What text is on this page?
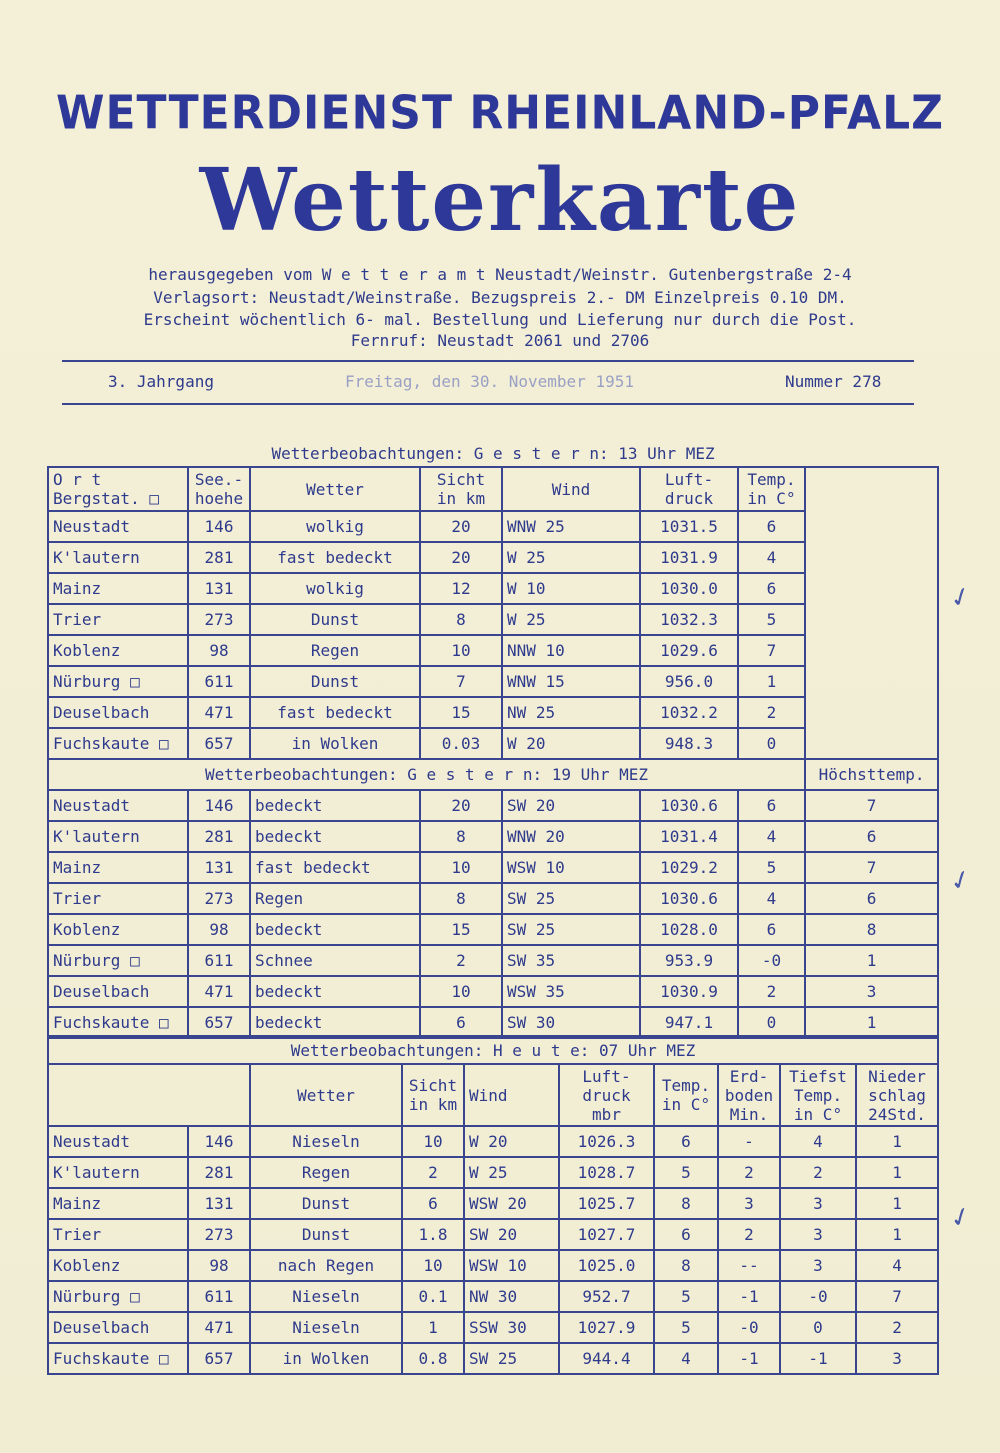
WETTERDIENST RHEINLAND-PFALZ
Wetterkarte
herausgegeben vom W e t t e r a m t Neustadt/Weinstr. Gutenbergstraße 2-4
Verlagsort: Neustadt/Weinstraße. Bezugspreis 2.- DM Einzelpreis 0.10 DM.
Erscheint wöchentlich 6- mal. Bestellung und Lieferung nur durch die Post.
Fernruf: Neustadt 2061 und 2706
3. Jahrgang	Freitag, den 30. November 1951	Nummer 278
Wetterbeobachtungen: G e s t e r n: 13 Uhr MEZ							
O r t Bergstat. □	See.- hoehe	Wetter	Sicht in km	Wind	Luft- druck	Temp. in C°	
Neustadt	146	wolkig	20	WNW 25	1031.5	6	
K'lautern	281	fast bedeckt	20	W 25	1031.9	4	
Mainz	131	wolkig	12	W 10	1030.0	6	
Trier	273	Dunst	8	W 25	1032.3	5	
Koblenz	98	Regen	10	NNW 10	1029.6	7	
Nürburg □	611	Dunst	7	WNW 15	956.0	1	
Deuselbach	471	fast bedeckt	15	NW 25	1032.2	2	
Fuchskaute □	657	in Wolken	0.03	W 20	948.3	0	
Wetterbeobachtungen: G e s t e r n: 19 Uhr MEZ							Höchsttemp.
Neustadt	146	bedeckt	20	SW 20	1030.6	6	7
K'lautern	281	bedeckt	8	WNW 20	1031.4	4	6
Mainz	131	fast bedeckt	10	WSW 10	1029.2	5	7
Trier	273	Regen	8	SW 25	1030.6	4	6
Koblenz	98	bedeckt	15	SW 25	1028.0	6	8
Nürburg □	611	Schnee	2	SW 35	953.9	-0	1
Deuselbach	471	bedeckt	10	WSW 35	1030.9	2	3
Fuchskaute □	657	bedeckt	6	SW 30	947.1	0	1
Wetterbeobachtungen: H e u t e: 07 Uhr MEZ									
		Wetter	Sicht in km	Wind	Luft- druck mbr	Temp. in C°	Erd- boden Min.	Tiefst Temp. in C°	Nieder schlag 24Std.
Neustadt	146	Nieseln	10	W 20	1026.3	6	-	4	1
K'lautern	281	Regen	2	W 25	1028.7	5	2	2	1
Mainz	131	Dunst	6	WSW 20	1025.7	8	3	3	1
Trier	273	Dunst	1.8	SW 20	1027.7	6	2	3	1
Koblenz	98	nach Regen	10	WSW 10	1025.0	8	--	3	4
Nürburg □	611	Nieseln	0.1	NW 30	952.7	5	-1	-0	7
Deuselbach	471	Nieseln	1	SSW 30	1027.9	5	-0	0	2
Fuchskaute □	657	in Wolken	0.8	SW 25	944.4	4	-1	-1	3
✓
✓
✓
